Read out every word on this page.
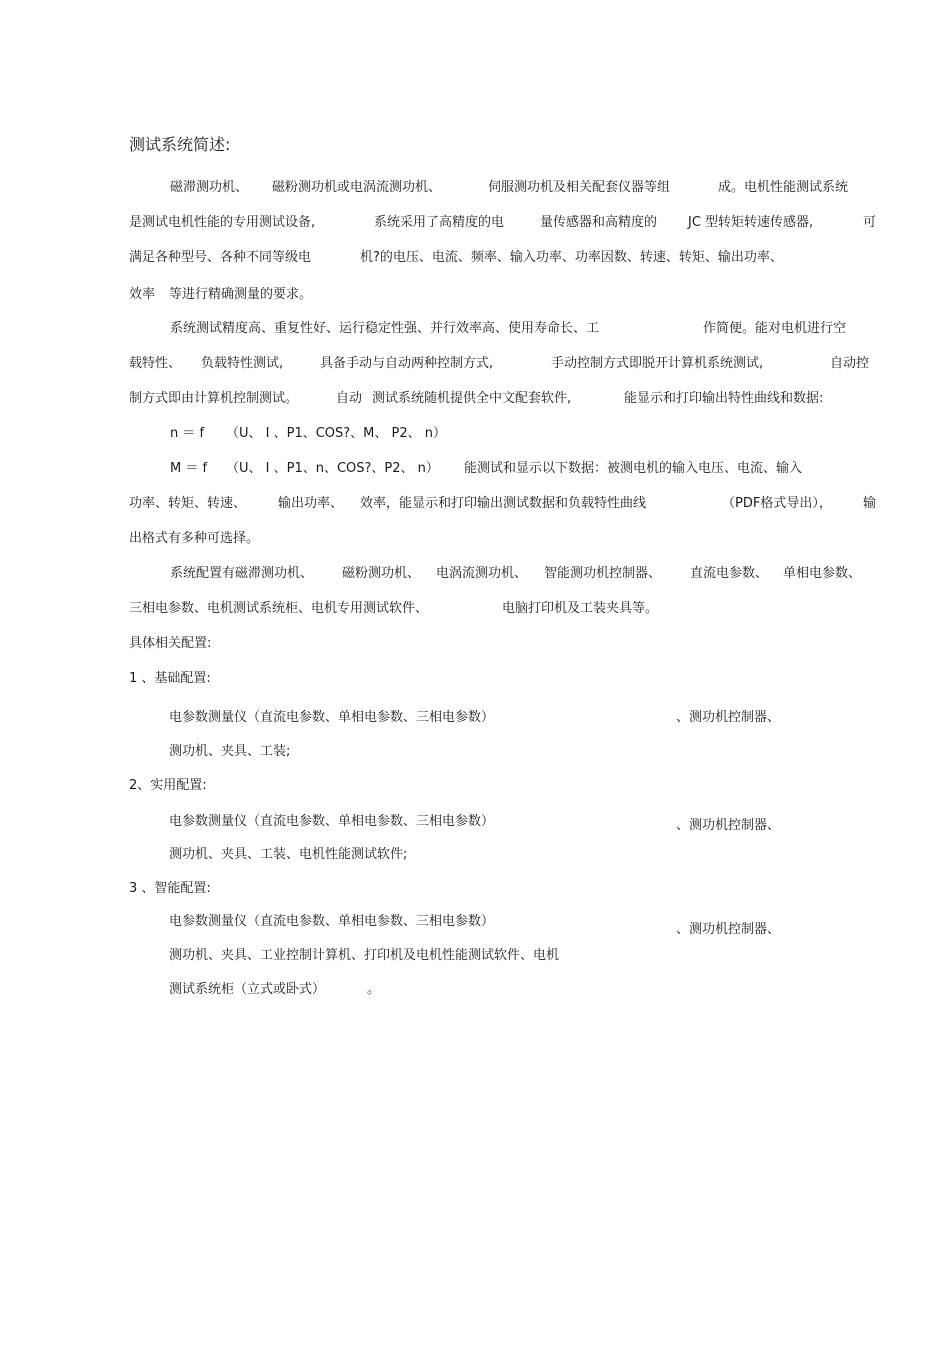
测试系统简述:
磁滞测功机、 磁粉测功机或电涡流测功机、	伺服测功机及相关配套仪器等组	成。电机性能测试系统
是测试电机性能的专用测试设备,	系统采用了高精度的电	量传感器和高精度的 JC 型转矩转速传感器,	可
满足各种型号、各种不同等级电	机?的电压、电流、频率、输入功率、功率因数、转速、转矩、输出功率、
效率 等进行精确测量的要求。
系统测试精度高、重复性好、运行稳定性强、并行效率高、使用寿命长、工	作简便。能对电机进行空
载特性、 负载特性测试,	具备手动与自动两种控制方式,	手动控制方式即脱开计算机系统测试,	自动控
制方式即由计算机控制测试。	自动 测试系统随机提供全中文配套软件,	能显示和打印输出特性曲线和数据:
n ＝ f （U、 I 、P1、COS?、M、 P2、 n）
M ＝ f （U、 I 、P1、n、COS?、P2、 n） 能测试和显示以下数据：被测电机的输入电压、电流、输入
功率、转矩、转速、 输出功率、 效率，能显示和打印输出测试数据和负载特性曲线	（PDF格式导出）， 输
出格式有多种可选择。
系统配置有磁滞测功机、 磁粉测功机、 电涡流测功机、 智能测功机控制器、 直流电参数、 单相电参数、
三相电参数、电机测试系统柜、电机专用测试软件、	电脑打印机及工装夹具等。
具体相关配置:
1 、基础配置:
电参数测量仪（直流电参数、单相电参数、三相电参数）	、测功机控制器、
测功机、夹具、工装;
2、实用配置:
电参数测量仪（直流电参数、单相电参数、三相电参数）	、测功机控制器、
测功机、夹具、工装、电机性能测试软件;
3 、智能配置:
电参数测量仪（直流电参数、单相电参数、三相电参数）
、测功机控制器、
测功机、夹具、工业控制计算机、打印机及电机性能测试软件、电机
测试系统柜（立式或卧式）	。
